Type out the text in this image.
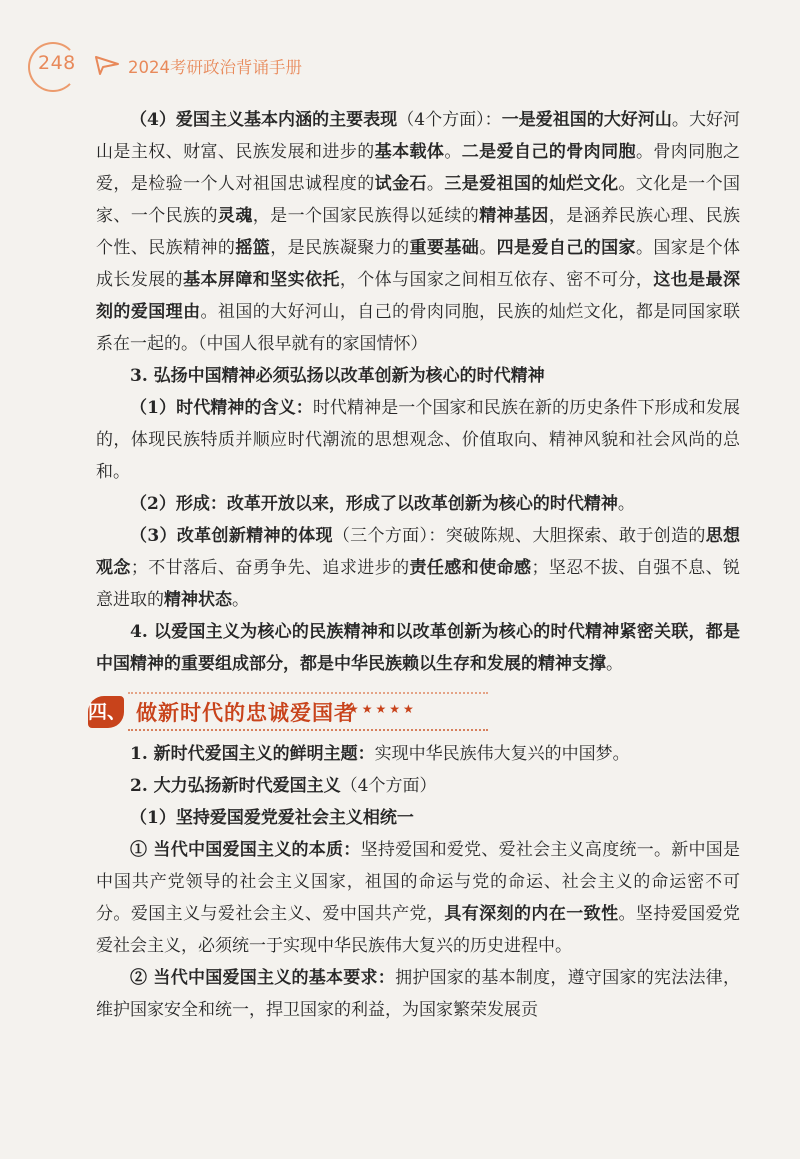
248	2024考研政治背诵手册

（4）爱国主义基本内涵的主要表现（4个方面）：一是爱祖国的大好河山。大好河山是主权、财富、民族发展和进步的基本载体。二是爱自己的骨肉同胞。骨肉同胞之爱，是检验一个人对祖国忠诚程度的试金石。三是爱祖国的灿烂文化。文化是一个国家、一个民族的灵魂，是一个国家民族得以延续的精神基因，是涵养民族心理、民族个性、民族精神的摇篮，是民族凝聚力的重要基础。四是爱自己的国家。国家是个体成长发展的基本屏障和坚实依托，个体与国家之间相互依存、密不可分，这也是最深刻的爱国理由。祖国的大好河山，自己的骨肉同胞，民族的灿烂文化，都是同国家联系在一起的。（中国人很早就有的家国情怀）

3. 弘扬中国精神必须弘扬以改革创新为核心的时代精神

（1）时代精神的含义：时代精神是一个国家和民族在新的历史条件下形成和发展的，体现民族特质并顺应时代潮流的思想观念、价值取向、精神风貌和社会风尚的总和。

（2）形成：改革开放以来，形成了以改革创新为核心的时代精神。

（3）改革创新精神的体现（三个方面）：突破陈规、大胆探索、敢于创造的思想观念；不甘落后、奋勇争先、追求进步的责任感和使命感；坚忍不拔、自强不息、锐意进取的精神状态。

4. 以爱国主义为核心的民族精神和以改革创新为核心的时代精神紧密关联，都是中国精神的重要组成部分，都是中华民族赖以生存和发展的精神支撑。

四、 做新时代的忠诚爱国者
★★★★★

1. 新时代爱国主义的鲜明主题：实现中华民族伟大复兴的中国梦。

2. 大力弘扬新时代爱国主义（4个方面）

（1）坚持爱国爱党爱社会主义相统一

① 当代中国爱国主义的本质：坚持爱国和爱党、爱社会主义高度统一。新中国是中国共产党领导的社会主义国家，祖国的命运与党的命运、社会主义的命运密不可分。爱国主义与爱社会主义、爱中国共产党，具有深刻的内在一致性。坚持爱国爱党爱社会主义，必须统一于实现中华民族伟大复兴的历史进程中。

② 当代中国爱国主义的基本要求：拥护国家的基本制度，遵守国家的宪法法律，维护国家安全和统一，捍卫国家的利益，为国家繁荣发展贡
